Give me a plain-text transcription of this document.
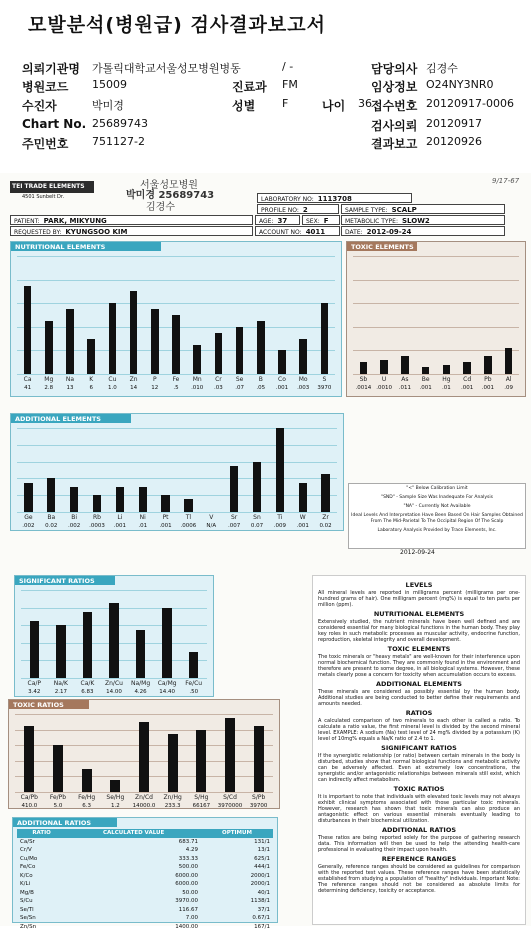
모발분석(병원급) 검사결과보고서
의뢰기관명 가톨릭대학교서울성모병원병동
병원코드 15009
수진자	박미경
Chart No. 25689743
주민번호 751127-2
/ -
진료과 FM
성별 F	나이 36
담당의사 김경수
임상정보 O24NY3NR0
접수번호 20120917-0006
검사의뢰 20120917
결과보고 20120926
TEI TRADE ELEMENTS
4501 Sunbelt Dr.
서울성모병원
박미경 25689743
김경수
9/17-67
LABORATORY NO: 1113708
PROFILE NO: 2	SAMPLE TYPE: SCALP
PATIENT: PARK, MIKYUNG	AGE: 37	SEX: F	METABOLIC TYPE: SLOW2
REQUESTED BY: KYUNGSOO KIM	ACCOUNT NO: 4011	DATE: 2012-09-24
NUTRITIONAL ELEMENTS
Ca
41
Mg
2.8
Na
13
K
6
Cu
1.0
Zn
14
P
12
Fe
.5
Mn
.010
Cr
.03
Se
.07
B
.05
Co
.001
Mo
.003
S
3970
TOXIC ELEMENTS
Sb
.0014
U
.0010
As
.011
Be
.001
Hg
.01
Cd
.001
Pb
.001
Al
.09
ADDITIONAL ELEMENTS
Ge
.002
Ba
0.02
Bi
.002
Rb
.0003
Li
.001
Ni
.01
Pt
.001
Tl
.0006
V
N/A
Sr
.007
Sn
0.07
Ti
.009
W
.001
Zr
0.02
2012-09-24
"<" Below Calibration Limit
"SND" - Sample Size Was Inadequate For Analysis
"NA" - Currently Not Available
Ideal Levels And Interpretation Have Been Based On Hair Samples Obtained From The Mid-Parietal To The Occipital Region Of The Scalp
Laboratory Analysis Provided by Trace Elements, Inc.
SIGNIFICANT RATIOS
Ca/P
3.42
Na/K
2.17
Ca/K
6.83
Zn/Cu
14.00
Na/Mg
4.26
Ca/Mg
14.40
Fe/Cu
.50
TOXIC RATIOS
Ca/Pb
410.0
Fe/Pb
5.0
Fe/Hg
6.3
Se/Hg
1.2
Zn/Cd
14000.0
Zn/Hg
233.3
S/Hg
66167
S/Cd
3970000
S/Pb
39700
ADDITIONAL RATIOS
RATIO	CALCULATED VALUE	OPTIMUM
Ca/Sr	683.71	131/1
Cr/V	4.29	13/1
Cu/Mo	333.33	625/1
Fe/Co	500.00	444/1
K/Co	6000.00	2000/1
K/Li	6000.00	2000/1
Mg/B	50.00	40/1
S/Cu	3970.00	1138/1
Se/Tl	116.67	37/1
Se/Sn	7.00	0.67/1
Zn/Sn	1400.00	167/1
LEVELS

All mineral levels are reported in milligrams percent (milligrams per one-hundred grams of hair). One milligram percent (mg%) is equal to ten parts per million (ppm).

NUTRITIONAL ELEMENTS

Extensively studied, the nutrient minerals have been well defined and are considered essential for many biological functions in the human body. They play key roles in such metabolic processes as muscular activity, endocrine function, reproduction, skeletal integrity and overall development.

TOXIC ELEMENTS

The toxic minerals or "heavy metals" are well-known for their interference upon normal biochemical function. They are commonly found in the environment and therefore are present to some degree, in all biological systems. However, these metals clearly pose a concern for toxicity when accumulation occurs to excess.

ADDITIONAL ELEMENTS

These minerals are considered as possibly essential by the human body. Additional studies are being conducted to better define their requirements and amounts needed.

RATIOS

A calculated comparison of two minerals to each other is called a ratio. To calculate a ratio value, the first mineral level is divided by the second mineral level. EXAMPLE: A sodium (Na) test level of 24 mg% divided by a potassium (K) level of 10mg% equals a Na/K ratio of 2.4 to 1.

SIGNIFICANT RATIOS

If the synergistic relationship (or ratio) between certain minerals in the body is disturbed, studies show that normal biological functions and metabolic activity can be adversely affected. Even at extremely low concentrations, the synergistic and/or antagonistic relationships between minerals still exist, which can indirectly affect metabolism.

TOXIC RATIOS

It is important to note that individuals with elevated toxic levels may not always exhibit clinical symptoms associated with those particular toxic minerals. However, research has shown that toxic minerals can also produce an antagonistic effect on various essential minerals eventually leading to disturbances in their biochemical utilization.

ADDITIONAL RATIOS

These ratios are being reported solely for the purpose of gathering research data. This information will then be used to help the attending health-care professional in evaluating their impact upon health.

REFERENCE RANGES

Generally, reference ranges should be considered as guidelines for comparison with the reported test values. These reference ranges have been statistically established from studying a population of "healthy" individuals. Important Note: The reference ranges should not be considered as absolute limits for determining deficiency, toxicity or acceptance.
